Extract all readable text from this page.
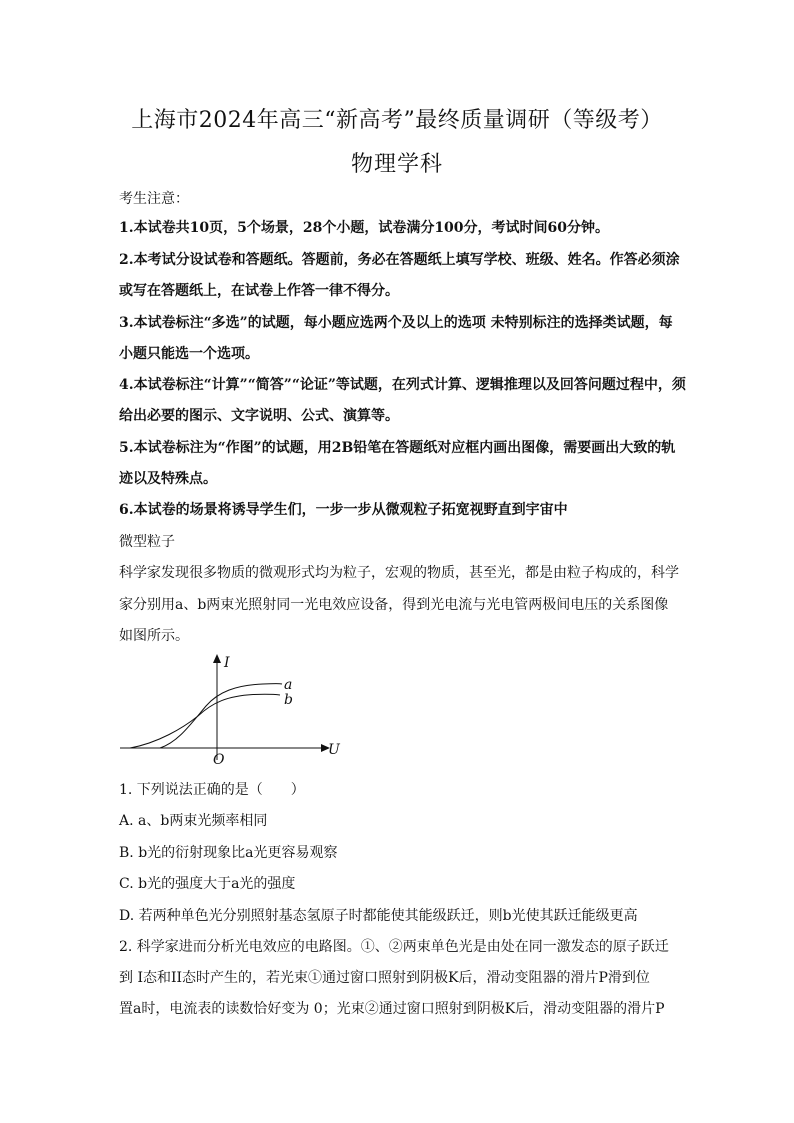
上海市2024年高三“新高考”最终质量调研（等级考）
物理学科
考生注意：
1.本试卷共10页，5个场景，28个小题，试卷满分100分，考试时间60分钟。
2.本考试分设试卷和答题纸。答题前，务必在答题纸上填写学校、班级、姓名。作答必须涂
或写在答题纸上，在试卷上作答一律不得分。
3.本试卷标注“多选”的试题，每小题应选两个及以上的选项 未特别标注的选择类试题，每
小题只能选一个选项。
4.本试卷标注“计算”“简答”“论证”等试题，在列式计算、逻辑推理以及回答问题过程中，须
给出必要的图示、文字说明、公式、演算等。
5.本试卷标注为“作图”的试题，用2B铅笔在答题纸对应框内画出图像，需要画出大致的轨
迹以及特殊点。
6.本试卷的场景将诱导学生们，一步一步从微观粒子拓宽视野直到宇宙中
微型粒子
科学家发现很多物质的微观形式均为粒子，宏观的物质，甚至光，都是由粒子构成的，科学
家分别用a、b两束光照射同一光电效应设备，得到光电流与光电管两极间电压的关系图像
如图所示。
I
U
O
a
b
1. 下列说法正确的是（　　）
A. a、b两束光频率相同
B. b光的衍射现象比a光更容易观察
C. b光的强度大于a光的强度
D. 若两种单色光分别照射基态氢原子时都能使其能级跃迁，则b光使其跃迁能级更高
2. 科学家进而分析光电效应的电路图。①、②两束单色光是由处在同一激发态的原子跃迁
到 I态和II态时产生的，若光束①通过窗口照射到阴极K后，滑动变阻器的滑片P滑到位
置a时，电流表的读数恰好变为 0；光束②通过窗口照射到阴极K后，滑动变阻器的滑片P
